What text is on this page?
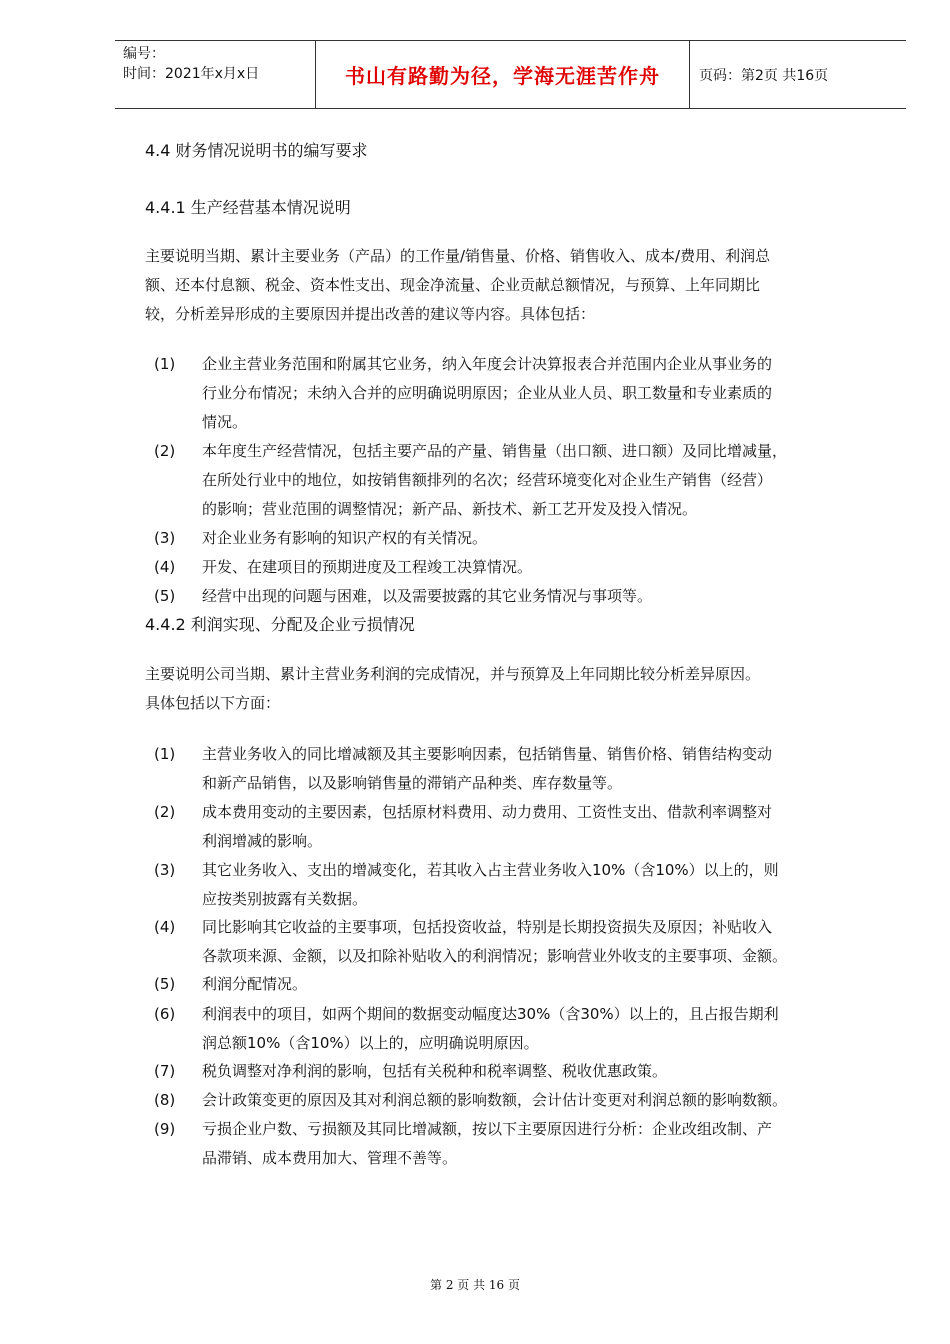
编号：
时间：2021年x月x日	书山有路勤为径，学海无涯苦作舟	页码：第2页 共16页
4.4 财务情况说明书的编写要求
4.4.1 生产经营基本情况说明
主要说明当期、累计主要业务（产品）的工作量/销售量、价格、销售收入、成本/费用、利润总
额、还本付息额、税金、资本性支出、现金净流量、企业贡献总额情况，与预算、上年同期比
较，分析差异形成的主要原因并提出改善的建议等内容。具体包括：
(1) 企业主营业务范围和附属其它业务，纳入年度会计决算报表合并范围内企业从事业务的
行业分布情况；未纳入合并的应明确说明原因；企业从业人员、职工数量和专业素质的
情况。
(2) 本年度生产经营情况，包括主要产品的产量、销售量（出口额、进口额）及同比增减量，
在所处行业中的地位，如按销售额排列的名次；经营环境变化对企业生产销售（经营）
的影响；营业范围的调整情况；新产品、新技术、新工艺开发及投入情况。
(3) 对企业业务有影响的知识产权的有关情况。
(4) 开发、在建项目的预期进度及工程竣工决算情况。
(5) 经营中出现的问题与困难，以及需要披露的其它业务情况与事项等。
4.4.2 利润实现、分配及企业亏损情况
主要说明公司当期、累计主营业务利润的完成情况，并与预算及上年同期比较分析差异原因。
具体包括以下方面：
(1) 主营业务收入的同比增减额及其主要影响因素，包括销售量、销售价格、销售结构变动
和新产品销售，以及影响销售量的滞销产品种类、库存数量等。
(2) 成本费用变动的主要因素，包括原材料费用、动力费用、工资性支出、借款利率调整对
利润增减的影响。
(3) 其它业务收入、支出的增减变化，若其收入占主营业务收入10%（含10%）以上的，则
应按类别披露有关数据。
(4) 同比影响其它收益的主要事项，包括投资收益，特别是长期投资损失及原因；补贴收入
各款项来源、金额，以及扣除补贴收入的利润情况；影响营业外收支的主要事项、金额。
(5) 利润分配情况。
(6) 利润表中的项目，如两个期间的数据变动幅度达30%（含30%）以上的，且占报告期利
润总额10%（含10%）以上的，应明确说明原因。
(7) 税负调整对净利润的影响，包括有关税种和税率调整、税收优惠政策。
(8) 会计政策变更的原因及其对利润总额的影响数额，会计估计变更对利润总额的影响数额。
(9) 亏损企业户数、亏损额及其同比增减额，按以下主要原因进行分析：企业改组改制、产
品滞销、成本费用加大、管理不善等。
第 2 页 共 16 页
